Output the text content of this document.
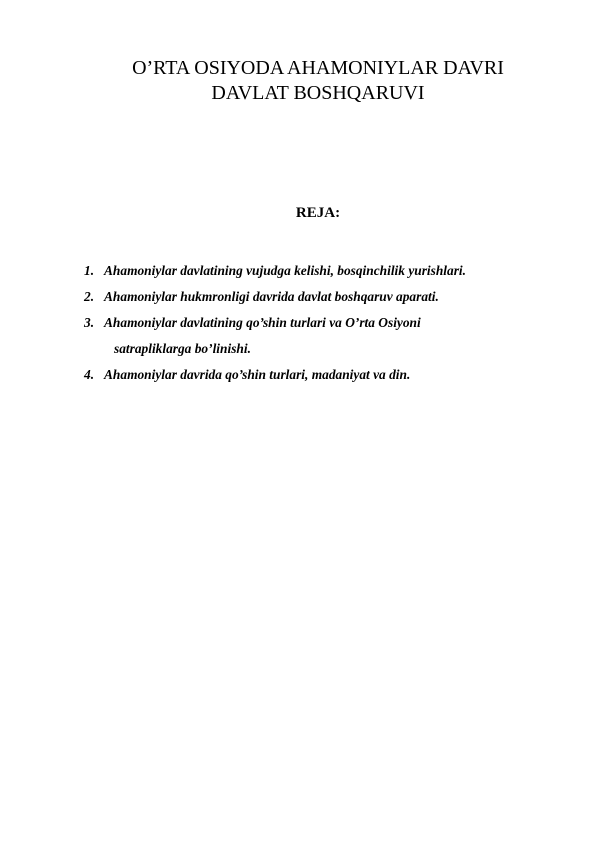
O’RTA OSIYODA AHAMONIYLAR DAVRI
DAVLAT BOSHQARUVI
REJA:
1. Ahamoniylar davlatining vujudga kelishi, bosqinchilik yurishlari.
2. Ahamoniylar hukmronligi davrida davlat boshqaruv aparati.
3. Ahamoniylar davlatining qo’shin turlari va O’rta Osiyoni
satrapliklarga bo’linishi.
4. Ahamoniylar davrida qo’shin turlari, madaniyat va din.
